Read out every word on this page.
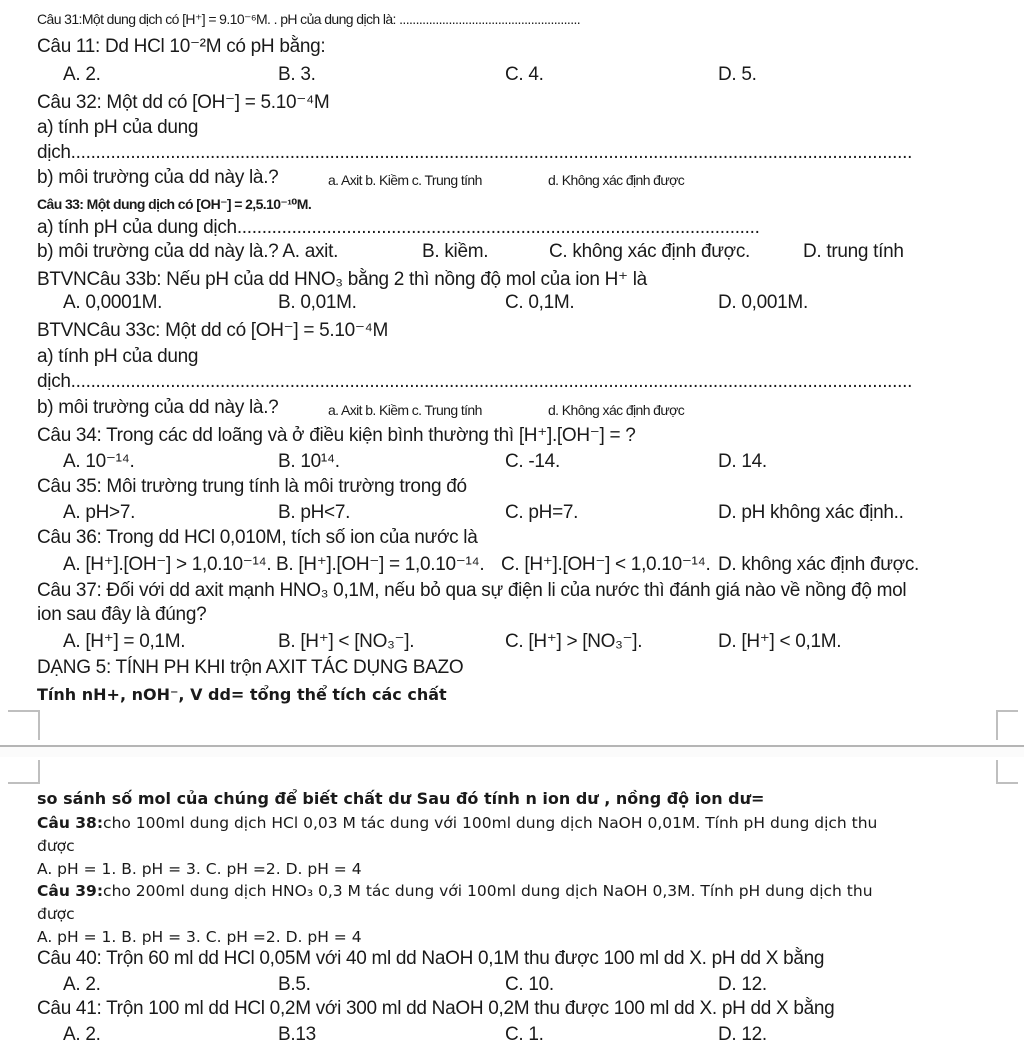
Câu 31:Một dung dịch có [H⁺] = 9.10⁻⁶M. . pH của dung dịch là: .......................................................
Câu 11: Dd HCl 10⁻²M có pH bằng:
A. 2.	B. 3.	C. 4.	D. 5.
Câu 32: Một dd có [OH⁻] = 5.10⁻⁴M
a) tính pH của dung
dịch.........................................................................................................................................................................
b) môi trường của dd này là.?	a. Axit b. Kiềm c. Trung tính	d. Không xác định được
Câu 33: Một dung dịch có [OH⁻] = 2,5.10⁻¹⁰M.
a) tính pH của dung dịch.........................................................................................................
b) môi trường của dd này là.? A. axit.	B. kiềm.	C. không xác định được.	D. trung tính
BTVNCâu 33b: Nếu pH của dd HNO₃ bằng 2 thì nồng độ mol của ion H⁺ là
A. 0,0001M.	B. 0,01M.	C. 0,1M.	D. 0,001M.
BTVNCâu 33c: Một dd có [OH⁻] = 5.10⁻⁴M
a) tính pH của dung
dịch.........................................................................................................................................................................
b) môi trường của dd này là.?	a. Axit b. Kiềm c. Trung tính	d. Không xác định được
Câu 34: Trong các dd loãng và ở điều kiện bình thường thì [H⁺].[OH⁻] = ?
A. 10⁻¹⁴.	B. 10¹⁴.	C. -14.	D. 14.
Câu 35: Môi trường trung tính là môi trường trong đó
A. pH>7.	B. pH<7.	C. pH=7.	D. pH không xác định..
Câu 36: Trong dd HCl 0,010M, tích số ion của nước là
A. [H⁺].[OH⁻] > 1,0.10⁻¹⁴. B. [H⁺].[OH⁻] = 1,0.10⁻¹⁴. C. [H⁺].[OH⁻] < 1,0.10⁻¹⁴. D. không xác định được.
Câu 37: Đối với dd axit mạnh HNO₃ 0,1M, nếu bỏ qua sự điện li của nước thì đánh giá nào về nồng độ mol
ion sau đây là đúng?
A. [H⁺] = 0,1M.	B. [H⁺] < [NO₃⁻].	C. [H⁺] > [NO₃⁻].	D. [H⁺] < 0,1M.
DẠNG 5: TÍNH PH KHI trộn AXIT TÁC DỤNG BAZO
Tính nH+, nOH⁻, V dd= tổng thể tích các chất
so sánh số mol của chúng để biết chất dư Sau đó tính n ion dư , nồng độ ion dư=
Câu 38:cho 100ml dung dịch HCl 0,03 M tác dung với 100ml dung dịch NaOH 0,01M. Tính pH dung dịch thu
được
A. pH = 1. B. pH = 3. C. pH =2. D. pH = 4
Câu 39:cho 200ml dung dịch HNO₃ 0,3 M tác dung với 100ml dung dịch NaOH 0,3M. Tính pH dung dịch thu
được
A. pH = 1. B. pH = 3. C. pH =2. D. pH = 4
Câu 40: Trộn 60 ml dd HCl 0,05M với 40 ml dd NaOH 0,1M thu được 100 ml dd X. pH dd X bằng
A. 2.	B.5.	C. 10.	D. 12.
Câu 41: Trộn 100 ml dd HCl 0,2M với 300 ml dd NaOH 0,2M thu được 100 ml dd X. pH dd X bằng
A. 2.	B.13	C. 1.	D. 12.
